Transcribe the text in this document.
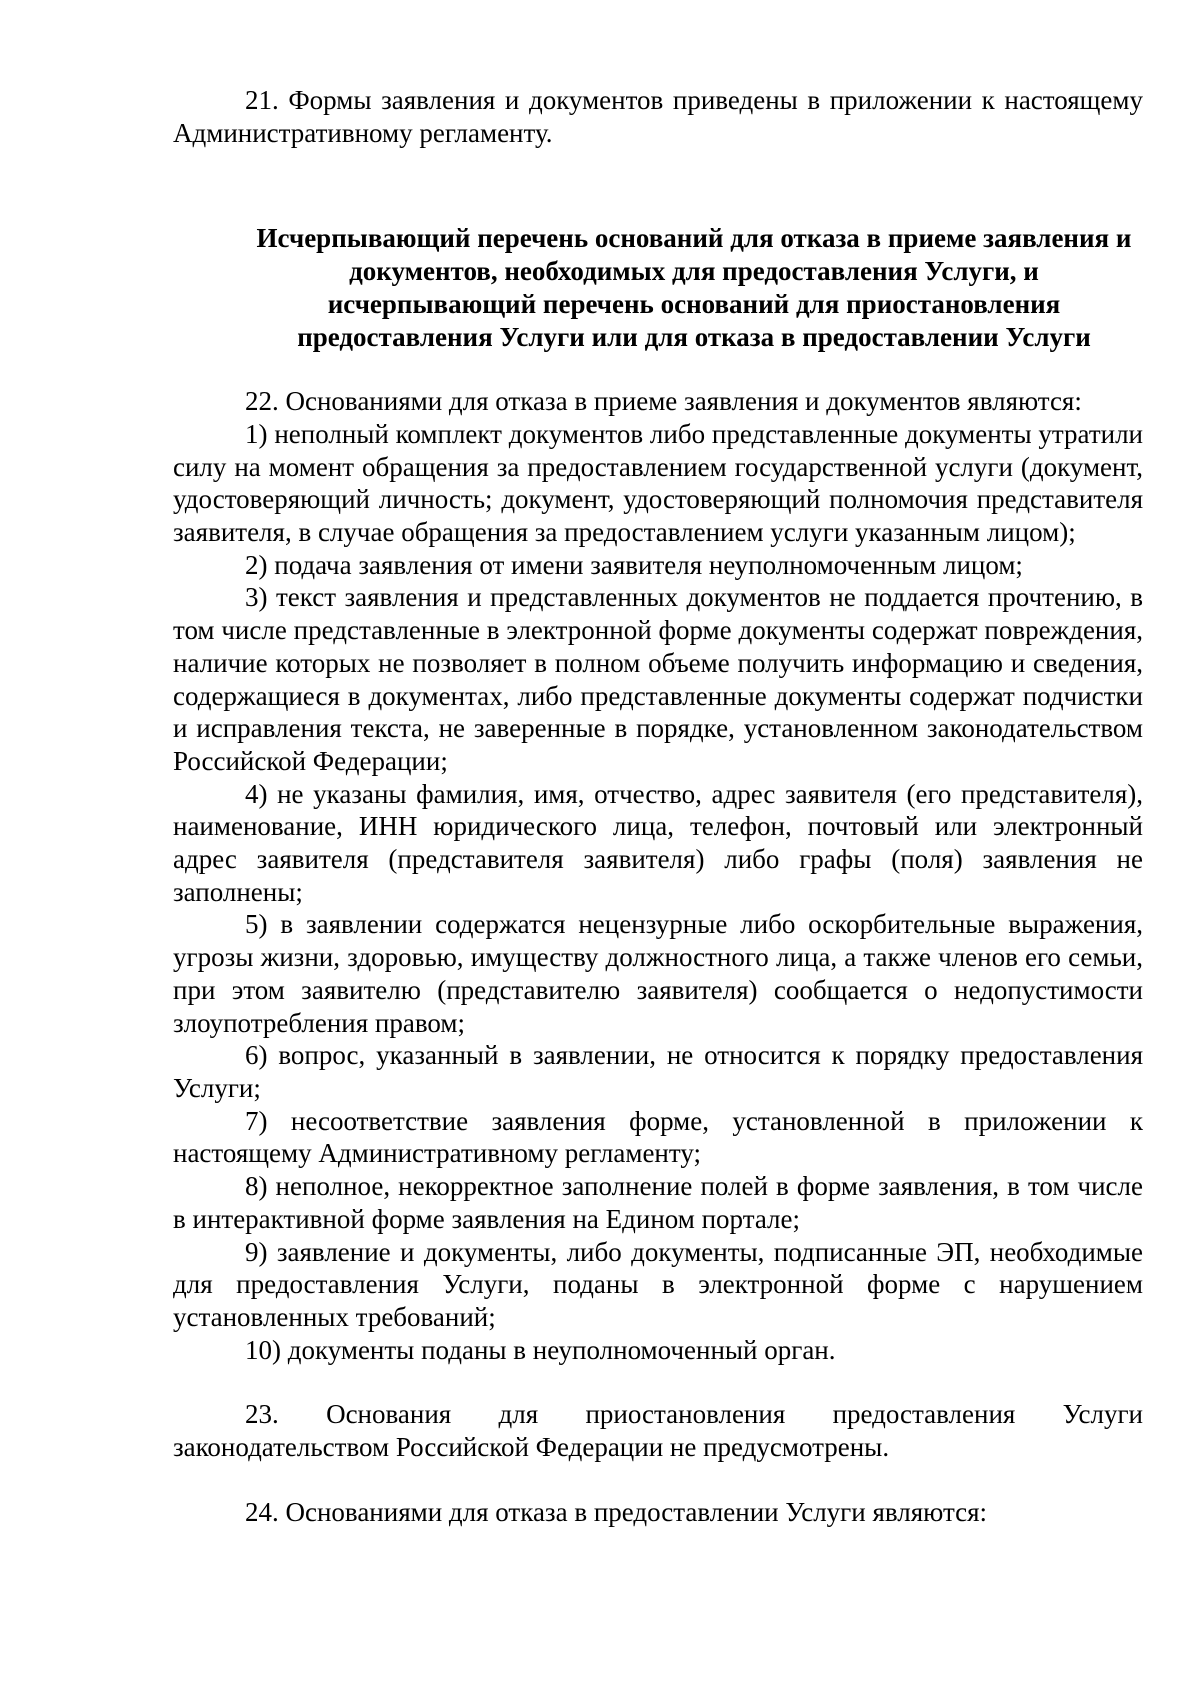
21. Формы заявления и документов приведены в приложении к настоящему Административному регламенту.

Исчерпывающий перечень оснований для отказа в приеме заявления и документов, необходимых для предоставления Услуги, и исчерпывающий перечень оснований для приостановления предоставления Услуги или для отказа в предоставлении Услуги

22. Основаниями для отказа в приеме заявления и документов являются:

1) неполный комплект документов либо представленные документы утратили силу на момент обращения за предоставлением государственной услуги (документ, удостоверяющий личность; документ, удостоверяющий полномочия представителя заявителя, в случае обращения за предоставлением услуги указанным лицом);

2) подача заявления от имени заявителя неуполномоченным лицом;

3) текст заявления и представленных документов не поддается прочтению, в том числе представленные в электронной форме документы содержат повреждения, наличие которых не позволяет в полном объеме получить информацию и сведения, содержащиеся в документах, либо представленные документы содержат подчистки и исправления текста, не заверенные в порядке, установленном законодательством Российской Федерации;

4) не указаны фамилия, имя, отчество, адрес заявителя (его представителя), наименование, ИНН юридического лица, телефон, почтовый или электронный адрес заявителя (представителя заявителя) либо графы (поля) заявления не заполнены;

5) в заявлении содержатся нецензурные либо оскорбительные выражения, угрозы жизни, здоровью, имуществу должностного лица, а также членов его семьи, при этом заявителю (представителю заявителя) сообщается о недопустимости злоупотребления правом;

6) вопрос, указанный в заявлении, не относится к порядку предоставления Услуги;

7) несоответствие заявления форме, установленной в приложении к настоящему Административному регламенту;

8) неполное, некорректное заполнение полей в форме заявления, в том числе в интерактивной форме заявления на Едином портале;

9) заявление и документы, либо документы, подписанные ЭП, необходимые для предоставления Услуги, поданы в электронной форме с нарушением установленных требований;

10) документы поданы в неуполномоченный орган.

23. Основания для приостановления предоставления Услуги законодательством Российской Федерации не предусмотрены.

24. Основаниями для отказа в предоставлении Услуги являются:
